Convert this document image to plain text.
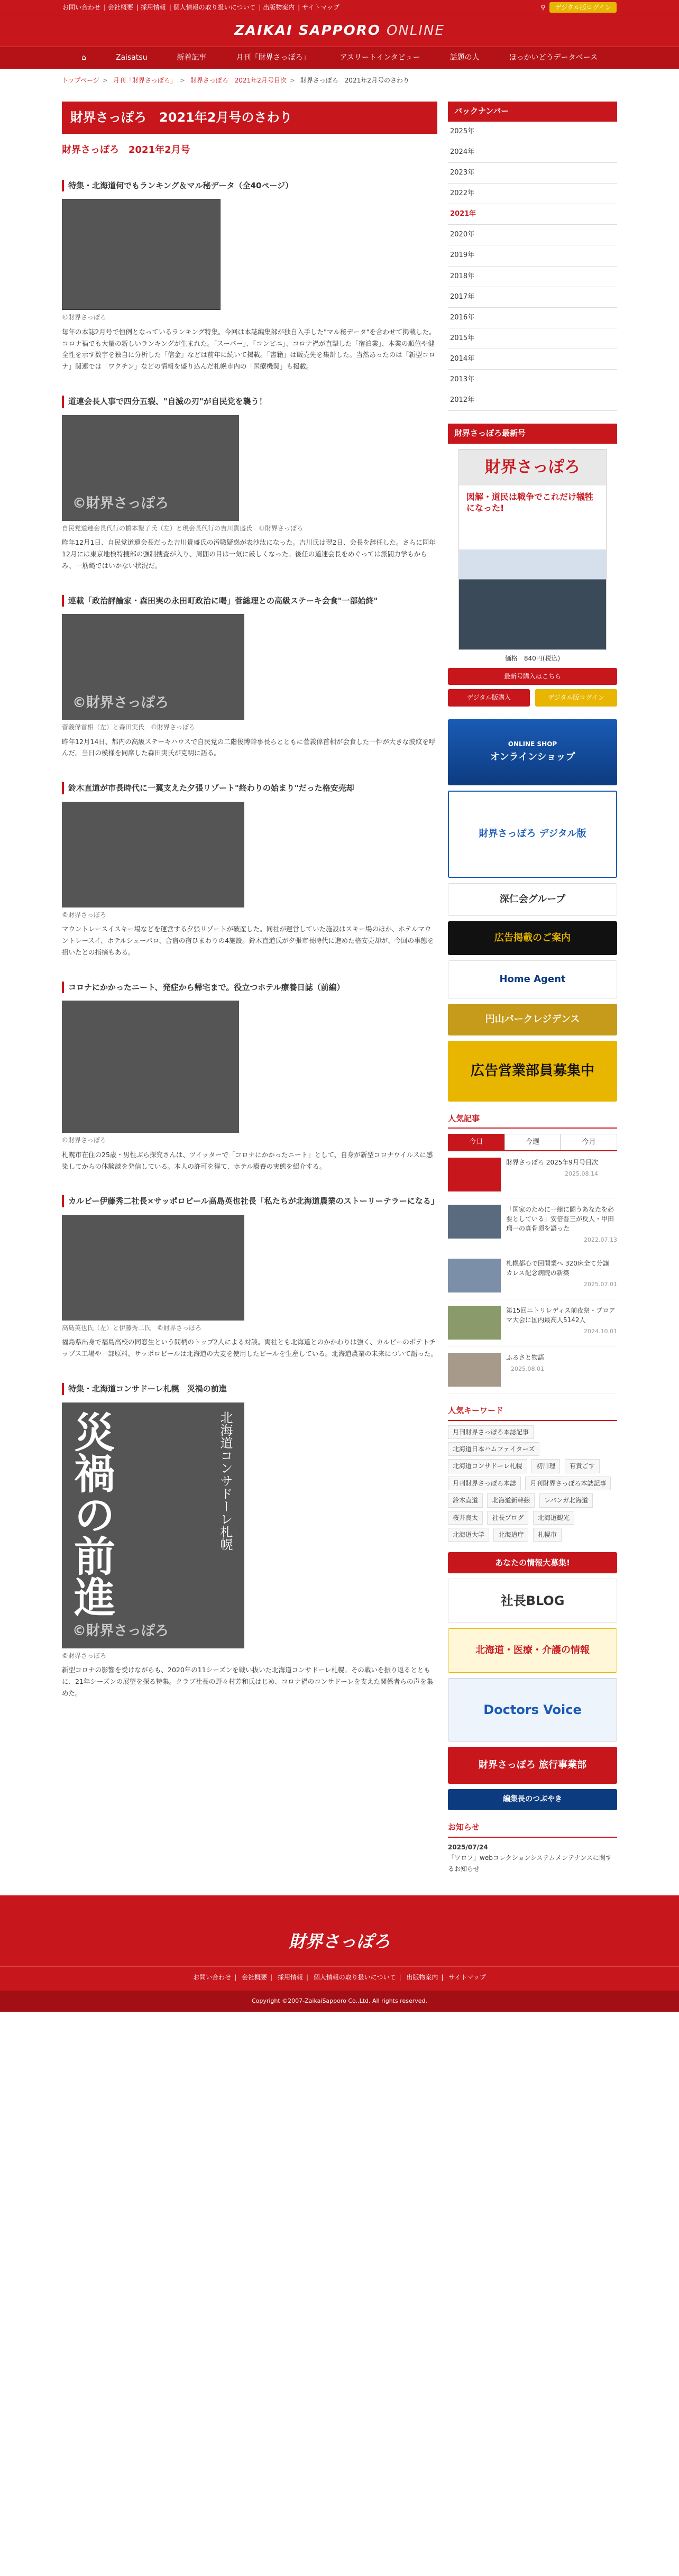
お問い合わせ | 会社概要 | 採用情報 | 個人情報の取り扱いについて | 出版物案内 | サイトマップ	⚲	デジタル版ログイン
ZAIKAI SAPPORO ONLINE
⌂	Zaisatsu	新着記事	月刊「財界さっぽろ」	アスリートインタビュー	話題の人	ほっかいどうデータベース
トップページ > 月刊「財界さっぽろ」 > 財界さっぽろ　2021年2月号目次 > 財界さっぽろ　2021年2月号のさわり
財界さっぽろ　2021年2月号のさわり
財界さっぽろ　2021年2月号
特集・北海道何でもランキング＆マル秘データ（全40ページ）
©財界さっぽろ

毎年の本誌2月号で恒例となっているランキング特集。今回は本誌編集部が独自入手した"マル秘データ"を合わせて掲載した。コロナ禍でも大量の新しいランキングが生まれた。「スーパー」、「コンビニ」、コロナ禍が直撃した「宿泊業」、本業の順位や健全性を示す数字を独自に分析した「信金」などは前年に続いて掲載。「書籍」は販売先を集計した。当然あったのは「新型コロナ」関連では「ワクチン」などの情報を盛り込んだ札幌市内の「医療機関」も掲載。

道連会長人事で四分五裂、"自滅の刃"が自民党を襲う！
©財界さっぽろ
自民党道連会長代行の橋本聖子氏（左）と現会長代行の吉川貴盛氏　©財界さっぽろ

昨年12月1日、自民党道連会長だった吉川貴盛氏の汚職疑惑が表沙汰になった。吉川氏は翌2日、会長を辞任した。さらに同年12月には東京地検特捜部の強制捜査が入り、周囲の目は一気に厳しくなった。後任の道連会長をめぐっては派閥力学もからみ、一筋縄ではいかない状況だ。

連載「政治評論家・森田実の永田町政治に喝」菅総理との高級ステーキ会食"一部始終"
©財界さっぽろ
菅義偉首相（左）と森田実氏　©財界さっぽろ

昨年12月14日、都内の高級ステーキハウスで自民党の二階俊博幹事長らとともに菅義偉首相が会食した一件が大きな波紋を呼んだ。当日の模様を同席した森田実氏が克明に語る。

鈴木直道が市長時代に一翼支えた夕張リゾート"終わりの始まり"だった格安売却
©財界さっぽろ

マウントレースイスキー場などを運営する夕張リゾートが破産した。同社が運営していた施設はスキー場のほか、ホテルマウントレースイ、ホテルシューパロ、合宿の宿ひまわりの4施設。鈴木直道氏が夕張市長時代に進めた格安売却が、今回の事態を招いたとの指摘もある。

コロナにかかったニート、発症から帰宅まで。役立つホテル療養日誌（前編）
©財界さっぽろ

札幌市在住の25歳・男性ぶら探究さんは、ツイッターで「コロナにかかったニート」として、自身が新型コロナウイルスに感染してからの体験談を発信している。本人の許可を得て、ホテル療養の実態を紹介する。

カルビー伊藤秀二社長×サッポロビール高島英也社長「私たちが北海道農業のストーリーテラーになる」
高島英也氏（左）と伊藤秀二氏　©財界さっぽろ

福島県出身で福島高校の同窓生という間柄のトップ2人による対談。両社とも北海道とのかかわりは強く、カルビーのポテトチップス工場や一部原料、サッポロビールは北海道の大麦を使用したビールを生産している。北海道農業の未来について語った。

特集・北海道コンサドーレ札幌　災禍の前進
災禍の前進	北海道コンサドーレ札幌
©財界さっぽろ
©財界さっぽろ

新型コロナの影響を受けながらも、2020年の11シーズンを戦い抜いた北海道コンサドーレ札幌。その戦いを振り返るとともに、21年シーズンの展望を探る特集。クラブ社長の野々村芳和氏はじめ、コロナ禍のコンサドーレを支えた関係者らの声を集めた。

バックナンバー
2025年
2024年
2023年
2022年
2021年
2020年
2019年
2018年
2017年
2016年
2015年
2014年
2013年
2012年
財界さっぽろ最新号
財界さっぽろ
図解・道民は戦争でこれだけ犠牲になった!
価格　840円(税込)
最新号購入はこちら
デジタル版購入	デジタル版ログイン
ONLINE SHOP
オンラインショップ
財界さっぽろ デジタル版
深仁会グループ
広告掲載のご案内
Home Agent
円山パークレジデンス
広告営業部員募集中
人気記事
今日	今週	今月
財界さっぽろ 2025年9月号目次
2025.08.14
「国家のために一緒に闘うあなたを必要としている」安倍晋三が反人・甲田瑠一の真骨頂を語った
2022.07.13
札幌都心で回開業へ 320床全て分譲 カレス記念病院の新築
2025.07.01
第15回ニトリレディス前夜祭・プロアマ大会に国内最高人5142人
2024.10.01
ふるさと物語
2025.08.01
人気キーワード
月刊財界さっぽろ本誌記事 北海道日本ハムファイターズ 北海道コンサドーレ札幌 初川理 有責ごす 月刊財界さっぽろ本誌 月刊財界さっぽろ本誌記事 鈴木直道 北海道新幹線 レバンガ北海道 桜井良太 社長ブログ 北海道観光 北海道大学 北海道庁 札幌市
あなたの情報大募集!
社長BLOG
北海道・医療・介護の情報
Doctors Voice
財界さっぽろ 旅行事業部
編集長のつぶやき
お知らせ
2025/07/24
「ワロフ」webコレクションシステムメンテナンスに関するお知らせ
財界さっぽろ
お問い合わせ | 会社概要 | 採用情報 | 個人情報の取り扱いについて | 出版物案内 | サイトマップ
Copyright ©2007-ZaikaiSapporo Co.,Ltd. All rights reserved.
